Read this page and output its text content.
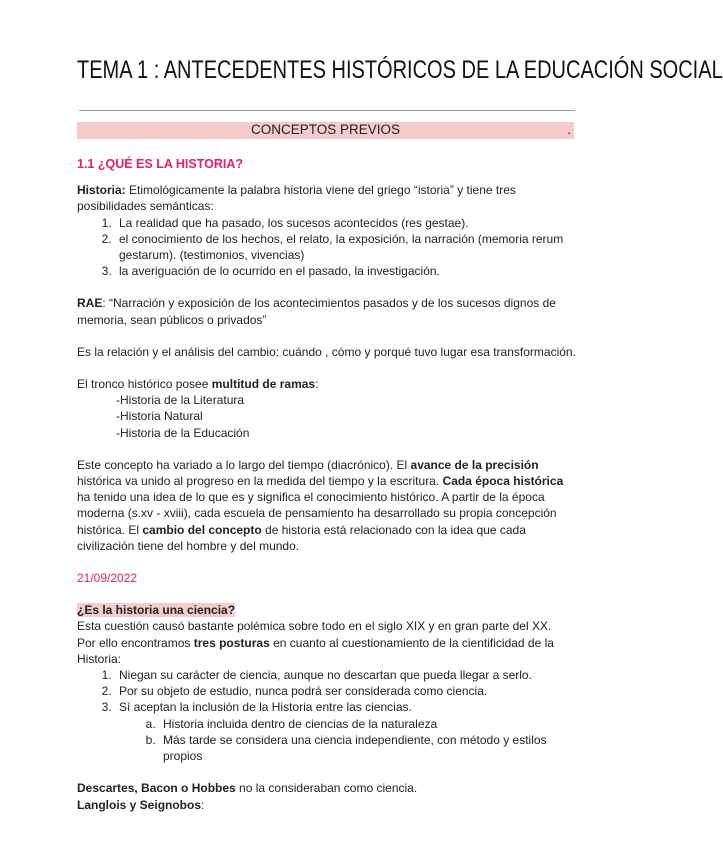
TEMA 1 : ANTECEDENTES HISTÓRICOS DE LA EDUCACIÓN SOCIAL
CONCEPTOS PREVIOS	.
1.1 ¿QUÉ ES LA HISTORIA?
Historia: Etimológicamente la palabra historia viene del griego “istoria” y tiene tres posibilidades semánticas:
1. La realidad que ha pasado, los sucesos acontecidos (res gestae).
2. el conocimiento de los hechos, el relato, la exposición, la narración (memoria rerum gestarum). (testimonios, vivencias)
3. la averiguación de lo ocurrido en el pasado, la investigación.

RAE: “Narración y exposición de los acontecimientos pasados y de los sucesos dignos de memoria, sean públicos o privados”

Es la relación y el análisis del cambio: cuándo , cómo y porqué tuvo lugar esa transformación.

El tronco histórico posee multitud de ramas:
-Historia de la Literatura
-Historia Natural
-Historia de la Educación

Este concepto ha variado a lo largo del tiempo (diacrónico). El avance de la precisión histórica va unido al progreso en la medida del tiempo y la escritura. Cada época histórica ha tenido una idea de lo que es y significa el conocimiento histórico. A partir de la época moderna (s.xv - xviii), cada escuela de pensamiento ha desarrollado su propia concepción histórica. El cambio del concepto de historia está relacionado con la idea que cada civilización tiene del hombre y del mundo.

21/09/2022
¿Es la historia una ciencia?
Esta cuestión causó bastante polémica sobre todo en el siglo XIX y en gran parte del XX.
Por ello encontramos tres posturas en cuanto al cuestionamiento de la cientificidad de la Historia:
1. Niegan su carácter de ciencia, aunque no descartan que pueda llegar a serlo.
2. Por su objeto de estudio, nunca podrá ser considerada como ciencia.
3. Sí aceptan la inclusión de la Historia entre las ciencias.
a. Historia incluida dentro de ciencias de la naturaleza
b. Más tarde se considera una ciencia independiente, con método y estilos propios
Descartes, Bacon o Hobbes no la consideraban como ciencia.
Langlois y Seignobos:
